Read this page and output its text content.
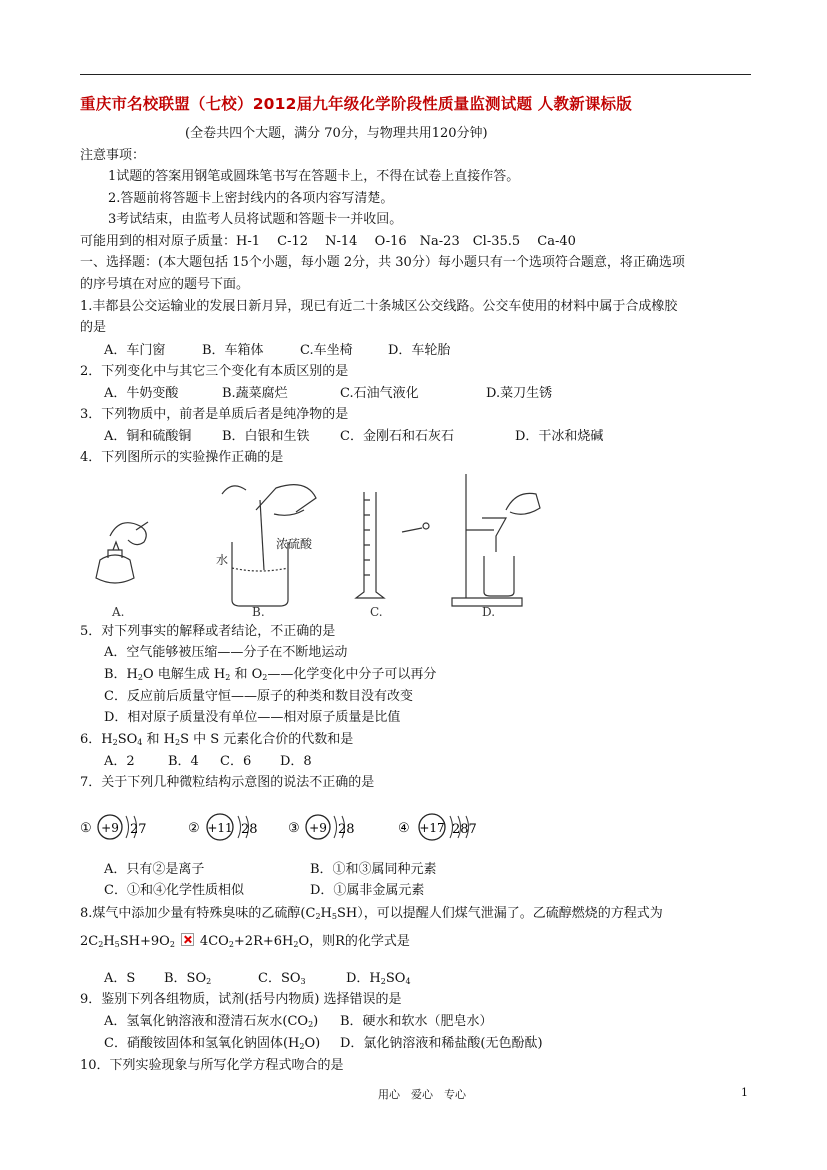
重庆市名校联盟（七校）2012届九年级化学阶段性质量监测试题 人教新课标版
(全卷共四个大题，满分 70分，与物理共用120分钟)
注意事项：
1试题的答案用钢笔或圆珠笔书写在答题卡上，不得在试卷上直接作答。
2.答题前将答题卡上密封线内的各项内容写清楚。
3考试结束，由监考人员将试题和答题卡一并收回。
可能用到的相对原子质量：H-1　 C-12　 N-14　 O-16　Na-23　Cl-35.5　 Ca-40
一、选择题：(本大题包括 15个小题，每小题 2分，共 30分）每小题只有一个选项符合题意，将正确选项
的序号填在对应的题号下面。
1.丰都县公交运输业的发展日新月异，现已有近二十条城区公交线路。公交车使用的材料中属于合成橡胶
的是
A．车门窗	B．车箱体	C.车坐椅	D．车轮胎
2．下列变化中与其它三个变化有本质区别的是
A．牛奶变酸	B.蔬菜腐烂	C.石油气液化	D.菜刀生锈
3．下列物质中，前者是单质后者是纯净物的是
A．铜和硫酸铜 B．白银和生铁 C．金刚石和石灰石	D．干冰和烧碱
4．下列图所示的实验操作正确的是
A.
水
浓硫酸
B.	C.	D.
5．对下列事实的解释或者结论，不正确的是
A．空气能够被压缩——分子在不断地运动
B．$H_2O$ 电解生成 $H_2$ 和 $O_2——$化学变化中分子可以再分
C．反应前后质量守恒——原子的种类和数目没有改变
D．相对原子质量没有单位——相对原子质量是比值
6．$H_2SO_4$ 和 $H_2S$ 中 S 元素化合价的代数和是
A．2	B．4 C．6 D．8
7．关于下列几种微粒结构示意图的说法不正确的是
① +9 27	② +11 28 ③ +9 28	④ +17 287
A．只有②是离子	B．①和③属同种元素
C．①和④化学性质相似	D．①属非金属元素
8.煤气中添加少量有特殊臭味的乙硫醇$(C_2H_5SH)$，可以提醒人们煤气泄漏了。乙硫醇燃烧的方程式为
$2C_2H_5SH+9O_2$ $4CO_2+2R+6H_2O$，则R的化学式是
A．S B．$SO_2$	C．$SO_3$	D．$H_2SO_4$
9．鉴别下列各组物质，试剂(括号内物质) 选择错误的是
A．氢氧化钠溶液和澄清石灰水$(CO_2)$ B．硬水和软水（肥皂水）
C．硝酸铵固体和氢氧化钠固体$(H_2O)$ D．氯化钠溶液和稀盐酸(无色酚酞)
10．下列实验现象与所写化学方程式吻合的是
用心　爱心　专心	1
